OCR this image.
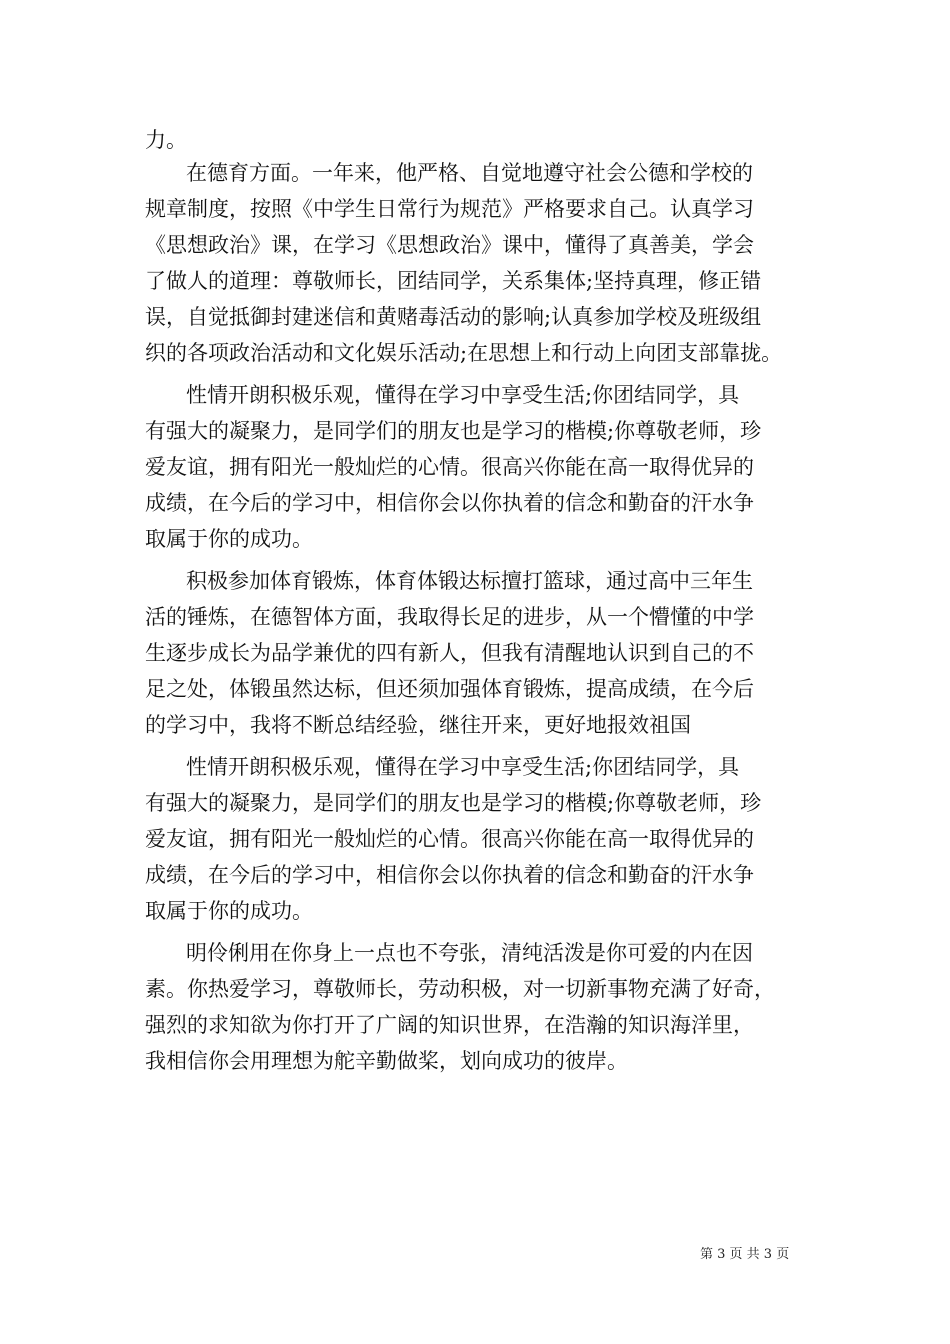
力。
在德育方面。一年来，他严格、自觉地遵守社会公德和学校的
规章制度，按照《中学生日常行为规范》严格要求自己。认真学习
《思想政治》课，在学习《思想政治》课中，懂得了真善美，学会
了做人的道理：尊敬师长，团结同学，关系集体;坚持真理，修正错
误，自觉抵御封建迷信和黄赌毒活动的影响;认真参加学校及班级组
织的各项政治活动和文化娱乐活动;在思想上和行动上向团支部靠拢。
性情开朗积极乐观，懂得在学习中享受生活;你团结同学，具
有强大的凝聚力，是同学们的朋友也是学习的楷模;你尊敬老师，珍
爱友谊，拥有阳光一般灿烂的心情。很高兴你能在高一取得优异的
成绩，在今后的学习中，相信你会以你执着的信念和勤奋的汗水争
取属于你的成功。
积极参加体育锻炼，体育体锻达标擅打篮球，通过高中三年生
活的锤炼，在德智体方面，我取得长足的进步，从一个懵懂的中学
生逐步成长为品学兼优的四有新人，但我有清醒地认识到自己的不
足之处，体锻虽然达标，但还须加强体育锻炼，提高成绩，在今后
的学习中，我将不断总结经验，继往开来，更好地报效祖国
性情开朗积极乐观，懂得在学习中享受生活;你团结同学，具
有强大的凝聚力，是同学们的朋友也是学习的楷模;你尊敬老师，珍
爱友谊，拥有阳光一般灿烂的心情。很高兴你能在高一取得优异的
成绩，在今后的学习中，相信你会以你执着的信念和勤奋的汗水争
取属于你的成功。
明伶俐用在你身上一点也不夸张，清纯活泼是你可爱的内在因
素。你热爱学习，尊敬师长，劳动积极，对一切新事物充满了好奇，
强烈的求知欲为你打开了广阔的知识世界，在浩瀚的知识海洋里，
我相信你会用理想为舵辛勤做桨，划向成功的彼岸。
第 3 页 共 3 页
